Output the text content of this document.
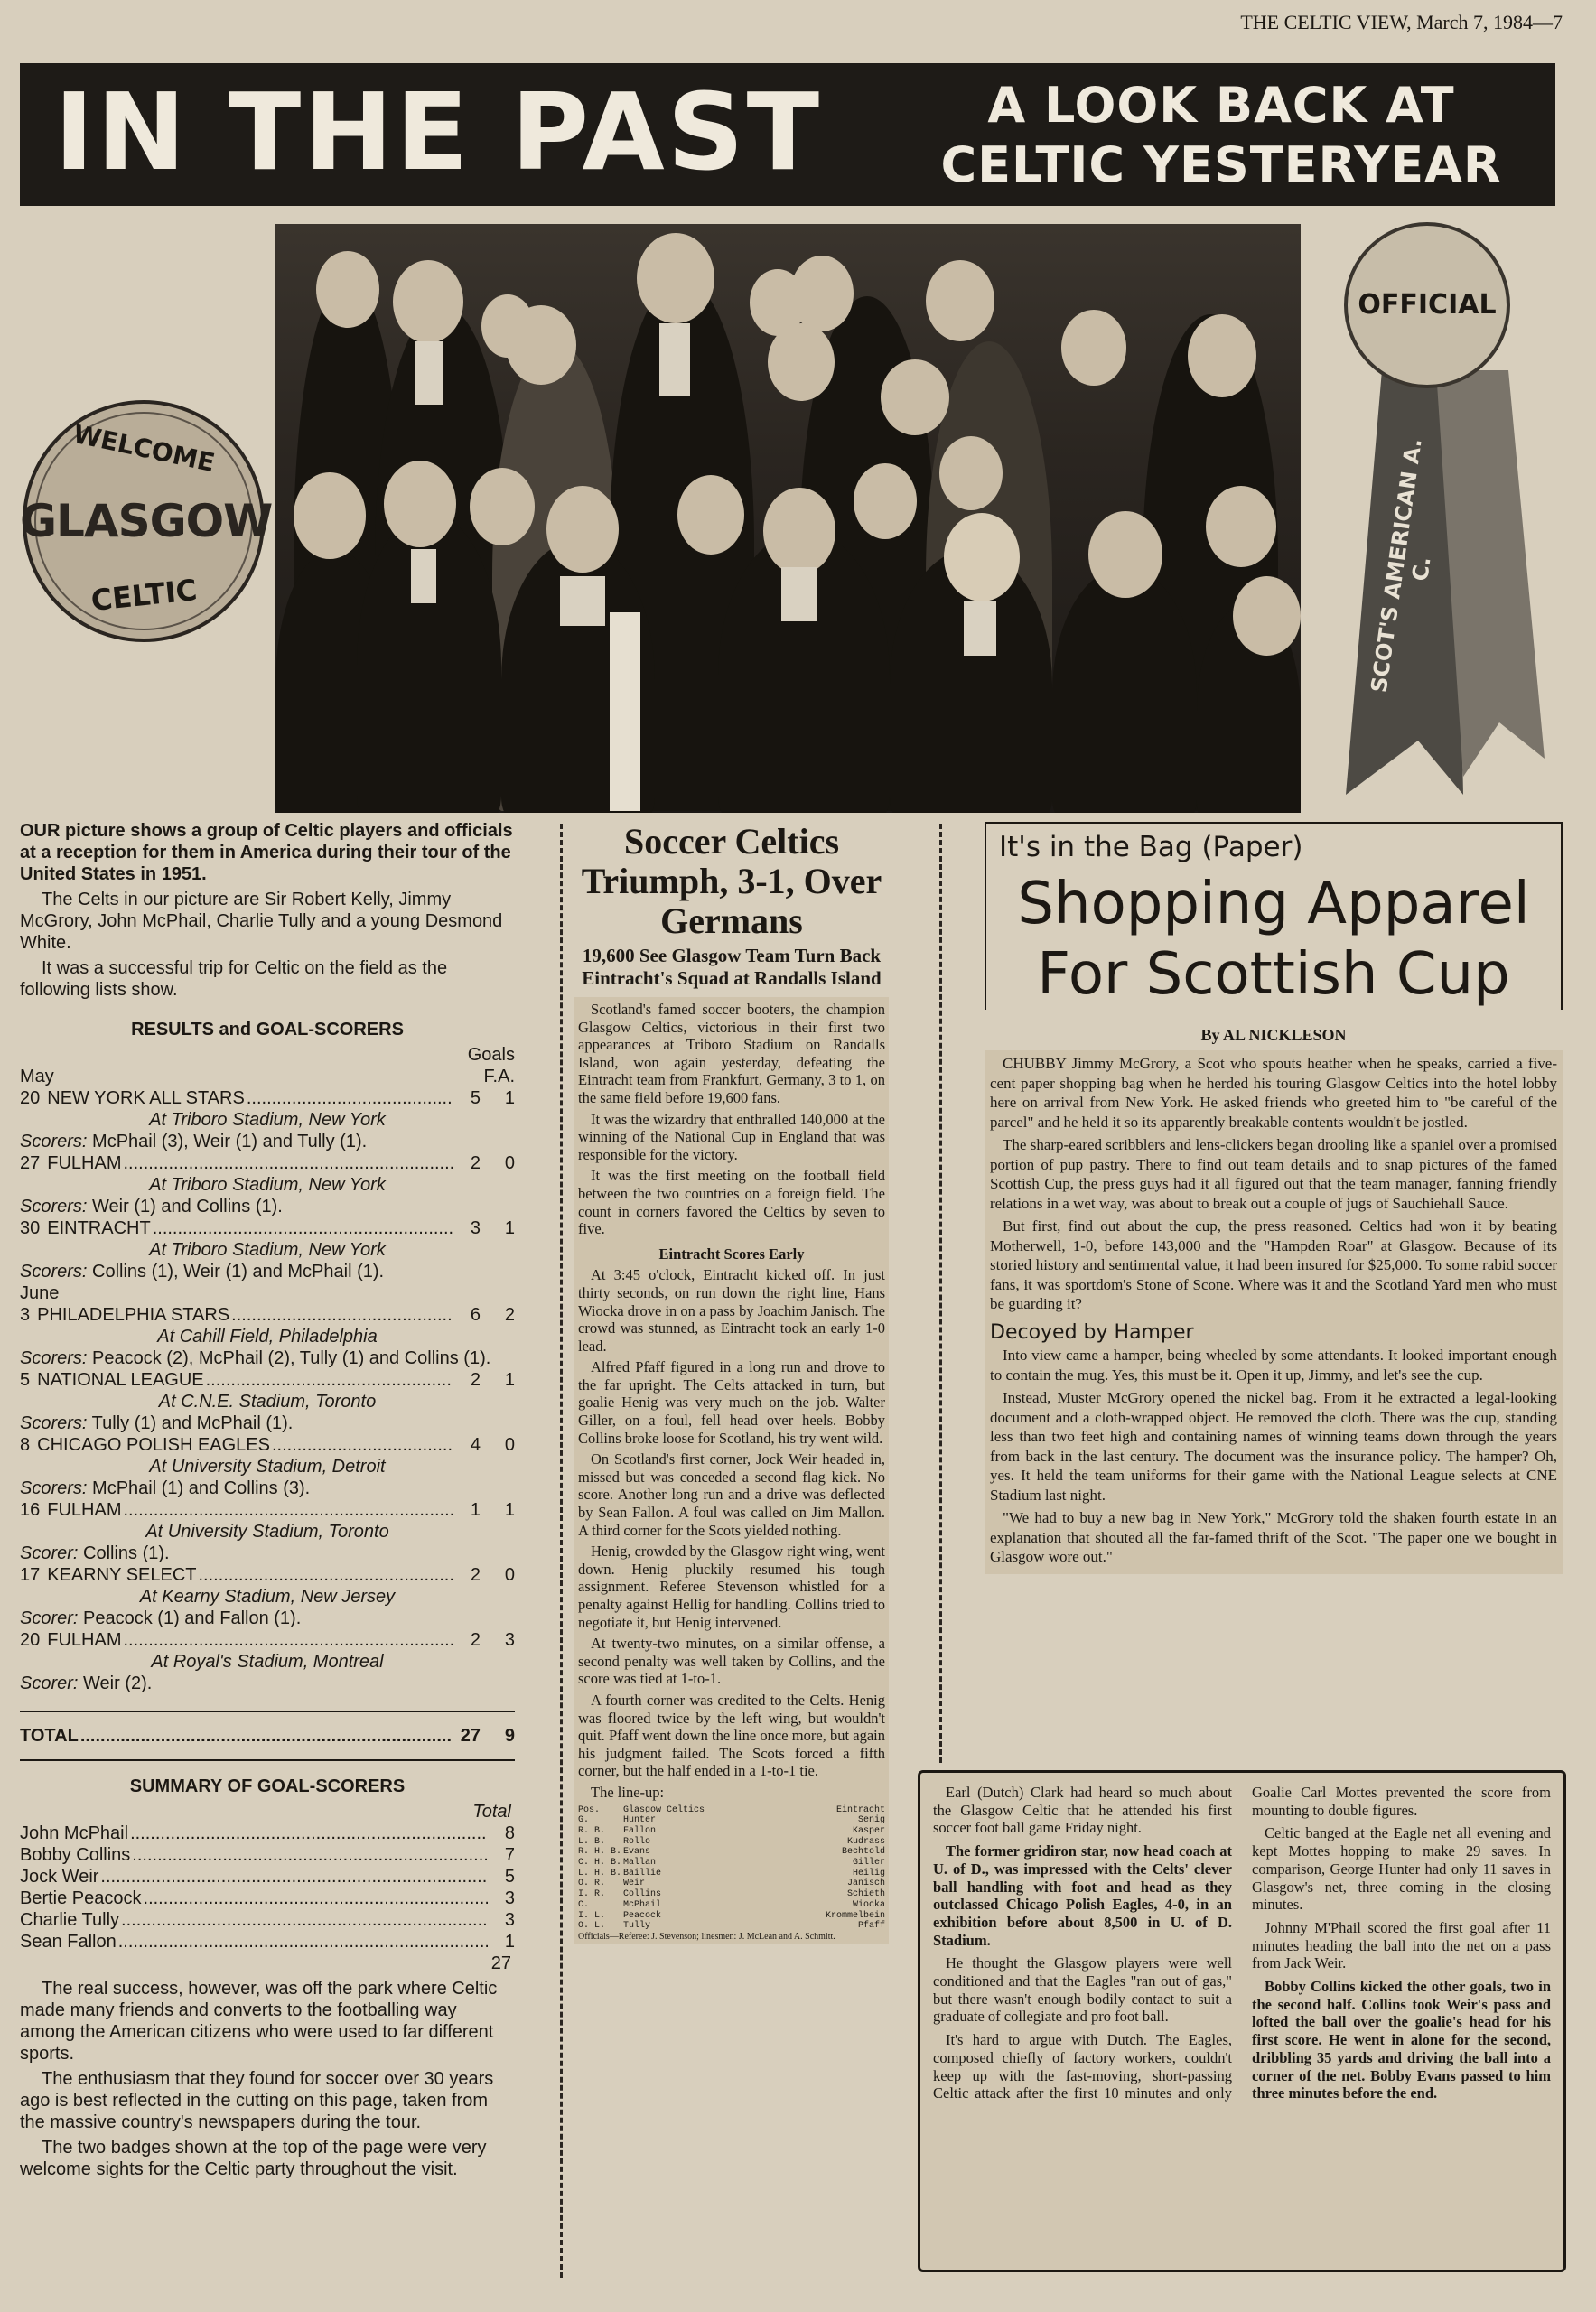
THE CELTIC VIEW, March 7, 1984—7
IN THE PAST	A LOOK BACK AT
CELTIC YESTERYEAR
WELCOME
GLASGOW
CELTIC
OFFICIAL
SCOT'S AMERICAN A. C.

OUR picture shows a group of Celtic players and officials at a reception for them in America during their tour of the United States in 1951.

The Celts in our picture are Sir Robert Kelly, Jimmy McGrory, John McPhail, Charlie Tully and a young Desmond White.

It was a successful trip for Celtic on the field as the following lists show.

RESULTS and GOAL-SCORERS
May
Goals
F.A.
20 NEW YORK ALL STARS .....	5	1
At Triboro Stadium, New York
Scorers: McPhail (3), Weir (1) and Tully (1).
27 FULHAM .....	2	0
At Triboro Stadium, New York
Scorers: Weir (1) and Collins (1).
30 EINTRACHT .....	3	1
At Triboro Stadium, New York
Scorers: Collins (1), Weir (1) and McPhail (1).
June
3 PHILADELPHIA STARS .....	6	2
At Cahill Field, Philadelphia
Scorers: Peacock (2), McPhail (2), Tully (1) and Collins (1).
5 NATIONAL LEAGUE .....	2	1
At C.N.E. Stadium, Toronto
Scorers: Tully (1) and McPhail (1).
8 CHICAGO POLISH EAGLES .....	4	0
At University Stadium, Detroit
Scorers: McPhail (1) and Collins (3).
16 FULHAM .....	1	1
At University Stadium, Toronto
Scorer: Collins (1).
17 KEARNY SELECT .....	2	0
At Kearny Stadium, New Jersey
Scorer: Peacock (1) and Fallon (1).
20 FULHAM .....	2	3
At Royal's Stadium, Montreal
Scorer: Weir (2).
TOTAL .....	27	9
SUMMARY OF GOAL-SCORERS
Total
John McPhail .....	8
Bobby Collins .....	7
Jock Weir .....	5
Bertie Peacock .....	3
Charlie Tully .....	3
Sean Fallon .....	1
27

The real success, however, was off the park where Celtic made many friends and converts to the footballing way among the American citizens who were used to far different sports.

The enthusiasm that they found for soccer over 30 years ago is best reflected in the cutting on this page, taken from the massive country's newspapers during the tour.

The two badges shown at the top of the page were very welcome sights for the Celtic party throughout the visit.

Soccer Celtics Triumph, 3-1, Over Germans
19,600 See Glasgow Team Turn Back Eintracht's Squad at Randalls Island

Scotland's famed soccer booters, the champion Glasgow Celtics, victorious in their first two appearances at Triboro Stadium on Randalls Island, won again yesterday, defeating the Eintracht team from Frankfurt, Germany, 3 to 1, on the same field before 19,600 fans.

It was the wizardry that enthralled 140,000 at the winning of the National Cup in England that was responsible for the victory.

It was the first meeting on the football field between the two countries on a foreign field. The count in corners favored the Celtics by seven to five.

Eintracht Scores Early

At 3:45 o'clock, Eintracht kicked off. In just thirty seconds, on run down the right line, Hans Wiocka drove in on a pass by Joachim Janisch. The crowd was stunned, as Eintracht took an early 1-0 lead.

Alfred Pfaff figured in a long run and drove to the far upright. The Celts attacked in turn, but goalie Henig was very much on the job. Walter Giller, on a foul, fell head over heels. Bobby Collins broke loose for Scotland, his try went wild.

On Scotland's first corner, Jock Weir headed in, missed but was conceded a second flag kick. No score. Another long run and a drive was deflected by Sean Fallon. A foul was called on Jim Mallon. A third corner for the Scots yielded nothing.

Henig, crowded by the Glasgow right wing, went down. Henig pluckily resumed his tough assignment. Referee Stevenson whistled for a penalty against Hellig for handling. Collins tried to negotiate it, but Henig intervened.

At twenty-two minutes, on a similar offense, a second penalty was well taken by Collins, and the score was tied at 1-to-1.

A fourth corner was credited to the Celts. Henig was floored twice by the left wing, but wouldn't quit. Pfaff went down the line once more, but again his judgment failed. The Scots forced a fifth corner, but the half ended in a 1-to-1 tie.

The line-up:

Pos.	Glasgow Celtics	Eintracht
G.	Hunter	Senig
R. B.	Fallon	Kasper
L. B.	Rollo	Kudrass
R. H. B. Evans	Bechtold
C. H. B. Mallan	Giller
L. H. B. Baillie	Heilig
O. R.	Weir	Janisch
I. R.	Collins	Schieth
C.	McPhail	Wiocka
I. L.	Peacock	Krommelbein
O. L.	Tully	Pfaff
Officials—Referee: J. Stevenson; linesmen: J. McLean and A. Schmitt.
It's in the Bag (Paper)
Shopping Apparel
For Scottish Cup
By AL NICKLESON

CHUBBY Jimmy McGrory, a Scot who spouts heather when he speaks, carried a five-cent paper shopping bag when he herded his touring Glasgow Celtics into the hotel lobby here on arrival from New York. He asked friends who greeted him to "be careful of the parcel" and he held it so its apparently breakable contents wouldn't be jostled.

The sharp-eared scribblers and lens-clickers began drooling like a spaniel over a promised portion of pup pastry. There to find out team details and to snap pictures of the famed Scottish Cup, the press guys had it all figured out that the team manager, fanning friendly relations in a wet way, was about to break out a couple of jugs of Sauchiehall Sauce.

But first, find out about the cup, the press reasoned. Celtics had won it by beating Motherwell, 1-0, before 143,000 and the "Hampden Roar" at Glasgow. Because of its storied history and sentimental value, it had been insured for $25,000. To some rabid soccer fans, it was sportdom's Stone of Scone. Where was it and the Scotland Yard men who must be guarding it?

Decoyed by Hamper

Into view came a hamper, being wheeled by some attendants. It looked important enough to contain the mug. Yes, this must be it. Open it up, Jimmy, and let's see the cup.

Instead, Muster McGrory opened the nickel bag. From it he extracted a legal-looking document and a cloth-wrapped object. He removed the cloth. There was the cup, standing less than two feet high and containing names of winning teams down through the years from back in the last century. The document was the insurance policy. The hamper? Oh, yes. It held the team uniforms for their game with the National League selects at CNE Stadium last night.

"We had to buy a new bag in New York," McGrory told the shaken fourth estate in an explanation that shouted all the far-famed thrift of the Scot. "The paper one we bought in Glasgow wore out."

Earl (Dutch) Clark had heard so much about the Glasgow Celtic that he attended his first soccer foot ball game Friday night.

The former gridiron star, now head coach at U. of D., was impressed with the Celts' clever ball handling with foot and head as they outclassed Chicago Polish Eagles, 4-0, in an exhibition before about 8,500 in U. of D. Stadium.

He thought the Glasgow players were well conditioned and that the Eagles "ran out of gas," but there wasn't enough bodily contact to suit a graduate of collegiate and pro foot ball.

It's hard to argue with Dutch. The Eagles, composed chiefly of factory workers, couldn't keep up with the fast-moving, short-passing Celtic attack after the first 10 minutes and only Goalie Carl Mottes prevented the score from mounting to double figures.

Celtic banged at the Eagle net all evening and kept Mottes hopping to make 29 saves. In comparison, George Hunter had only 11 saves in Glasgow's net, three coming in the closing minutes.

Johnny M'Phail scored the first goal after 11 minutes heading the ball into the net on a pass from Jack Weir.

Bobby Collins kicked the other goals, two in the second half. Collins took Weir's pass and lofted the ball over the goalie's head for his first score. He went in alone for the second, dribbling 35 yards and driving the ball into a corner of the net. Bobby Evans passed to him three minutes before the end.
